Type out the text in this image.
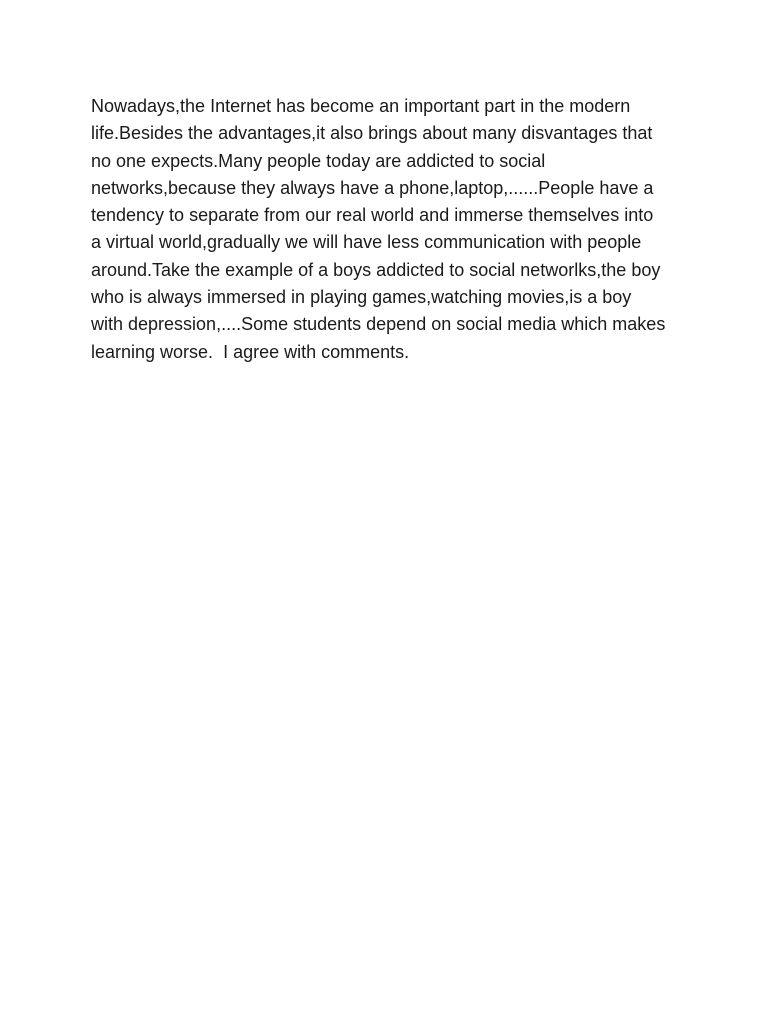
Nowadays,the Internet has become an important part in the modern
life.Besides the advantages,it also brings about many disvantages that
no one expects.Many people today are addicted to social
networks,because they always have a phone,laptop,......People have a
tendency to separate from our real world and immerse themselves into
a virtual world,gradually we will have less communication with people
around.Take the example of a boys addicted to social networlks,the boy
who is always immersed in playing games,watching movies,is a boy
with depression,....Some students depend on social media which makes
learning worse.  I agree with comments.
